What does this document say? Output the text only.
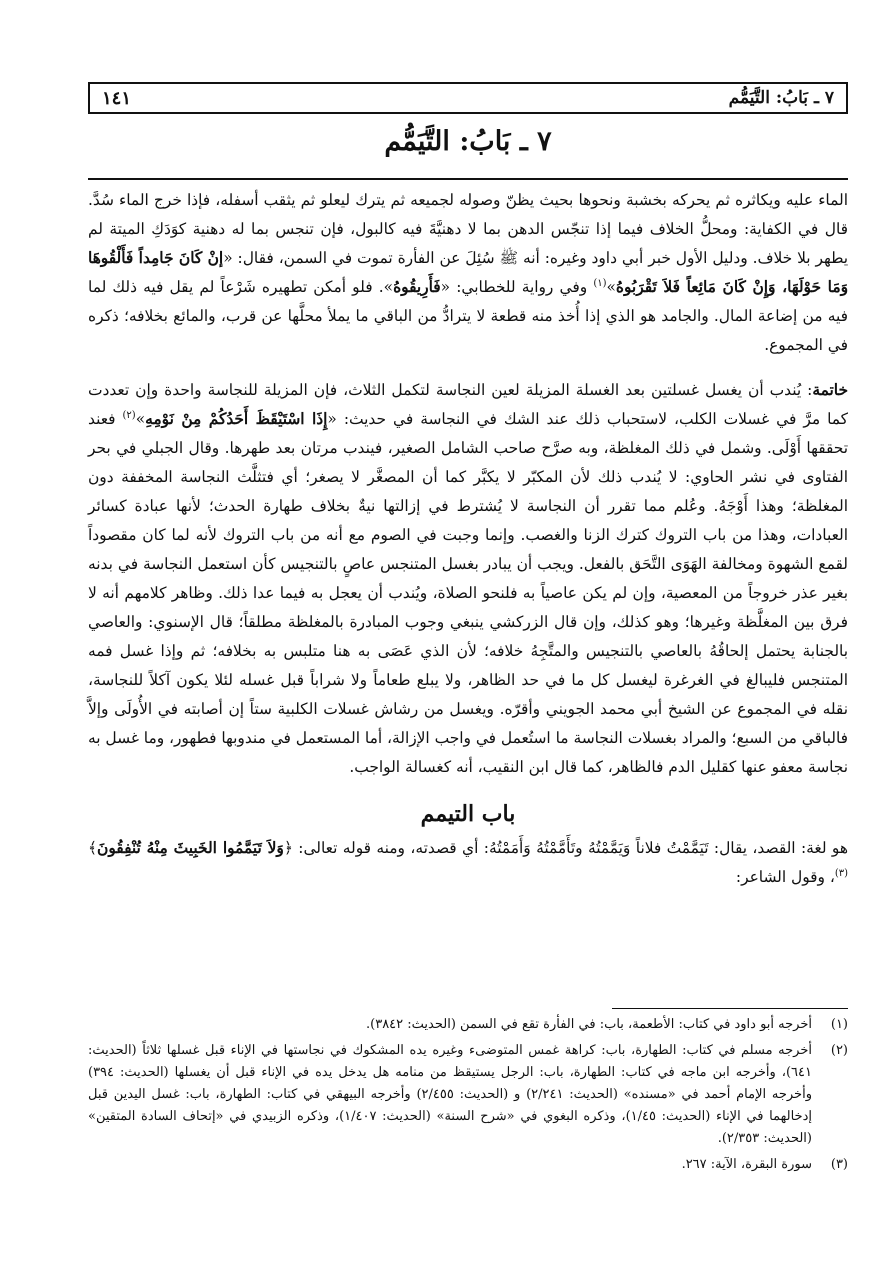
٧ ـ بَابُ: التَّيَمُّم
١٤١
٧ ـ بَابُ: التَّيَمُّم

الماء عليه ويكاثره ثم يحركه بخشبة ونحوها بحيث يظنّ وصوله لجميعه ثم يترك ليعلو ثم يثقب أسفله، فإذا خرج الماء سُدَّ. قال في الكفاية: ومحلُّ الخلاف فيما إذا تنجّس الدهن بما لا دهنيَّةَ فيه كالبول، فإن تنجس بما له دهنية كوَدَكِ الميتة لم يطهر بلا خلاف. ودليل الأول خبر أبي داود وغيره: أنه ﷺ سُئِلَ عن الفأرة تموت في السمن، فقال: «إنْ كَانَ جَامِداً فَأَلْقُوهَا وَمَا حَوْلَهَا، وَإِنْ كَانَ مَائِعاً فَلاَ تَقْرَبُوهُ»$^{(١)}$ وفي رواية للخطابي: «فَأَرِيقُوهُ». فلو أمكن تطهيره شَرْعاً لم يقل فيه ذلك لما فيه من إضاعة المال. والجامد هو الذي إذا أُخذ منه قطعة لا يترادُّ من الباقي ما يملأ محلَّها عن قرب، والمائع بخلافه؛ ذكره في المجموع.

خاتمة: يُندب أن يغسل غسلتين بعد الغسلة المزيلة لعين النجاسة لتكمل الثلاث، فإن المزيلة للنجاسة واحدة وإن تعددت كما مرَّ في غسلات الكلب، لاستحباب ذلك عند الشك في النجاسة في حديث: «إِذَا اسْتَيْقَظَ أَحَدُكُمْ مِنْ نَوْمِهِ»$^{(٢)}$ فعند تحققها أَوْلَى. وشمل في ذلك المغلظة، وبه صرَّح صاحب الشامل الصغير، فيندب مرتان بعد طهرها. وقال الجبلي في بحر الفتاوى في نشر الحاوي: لا يُندب ذلك لأن المكبّر لا يكبَّر كما أن المصغَّر لا يصغر؛ أي فتثلَّث النجاسة المخففة دون المغلظة؛ وهذا أَوْجَهُ. وعُلم مما تقرر أن النجاسة لا يُشترط في إزالتها نيةٌ بخلاف طهارة الحدث؛ لأنها عبادة كسائر العبادات، وهذا من باب التروك كترك الزنا والغصب. وإنما وجبت في الصوم مع أنه من باب التروك لأنه لما كان مقصوداً لقمع الشهوة ومخالفة الهَوَى التَّحَق بالفعل. ويجب أن يبادر بغسل المتنجس عاصٍ بالتنجيس كأن استعمل النجاسة في بدنه بغير عذر خروجاً من المعصية، وإن لم يكن عاصياً به فلنحو الصلاة، ويُندب أن يعجل به فيما عدا ذلك. وظاهر كلامهم أنه لا فرق بين المغلَّظة وغيرها؛ وهو كذلك، وإن قال الزركشي ينبغي وجوب المبادرة بالمغلظة مطلقاً؛ قال الإسنوي: والعاصي بالجنابة يحتمل إلحاقُهُ بالعاصي بالتنجيس والمتَّجِهُ خلافه؛ لأن الذي عَصَى به هنا متلبس به بخلافه؛ ثم وإذا غسل فمه المتنجس فليبالغ في الغرغرة ليغسل كل ما في حد الظاهر، ولا يبلع طعاماً ولا شراباً قبل غسله لئلا يكون آكلاً للنجاسة، نقله في المجموع عن الشيخ أبي محمد الجويني وأقرّه. ويغسل من رشاش غسلات الكلبية ستاً إن أصابته في الأُولَى وإلاَّ فالباقي من السبع؛ والمراد بغسلات النجاسة ما استُعمل في واجب الإزالة، أما المستعمل في مندوبها فطهور، وما غسل به نجاسة معفو عنها كقليل الدم فالظاهر، كما قال ابن النقيب، أنه كغسالة الواجب.

باب التيمم

هو لغة: القصد، يقال: تَيَمَّمْتُ فلاناً وَيَمَّمْتُهُ وتَأَمَّمْتُهُ وَأَمَمْتُهُ: أي قصدته، ومنه قوله تعالى: ﴿وَلاَ تَيَمَّمُوا الخَبِيثَ مِنْهُ تُنْفِقُونَ﴾$^{(٣)}$، وقول الشاعر:

(١)
أخرجه أبو داود في كتاب: الأطعمة، باب: في الفأرة تقع في السمن (الحديث: ٣٨٤٢).
(٢)
أخرجه مسلم في كتاب: الطهارة، باب: كراهة غمس المتوضىء وغيره يده المشكوك في نجاستها في الإناء قبل غسلها ثلاثاً (الحديث: ٦٤١)، وأخرجه ابن ماجه في كتاب: الطهارة، باب: الرجل يستيقظ من منامه هل يدخل يده في الإناء قبل أن يغسلها (الحديث: ٣٩٤) وأخرجه الإمام أحمد في «مسنده» (الحديث: ٢/٢٤١) و (الحديث: ٢/٤٥٥) وأخرجه البيهقي في كتاب: الطهارة، باب: غسل اليدين قبل إدخالهما في الإناء (الحديث: ١/٤٥)، وذكره البغوي في «شرح السنة» (الحديث: ١/٤٠٧)، وذكره الزبيدي في «إتحاف السادة المتقين» (الحديث: ٢/٣٥٣).
(٣)
سورة البقرة، الآية: ٢٦٧.
